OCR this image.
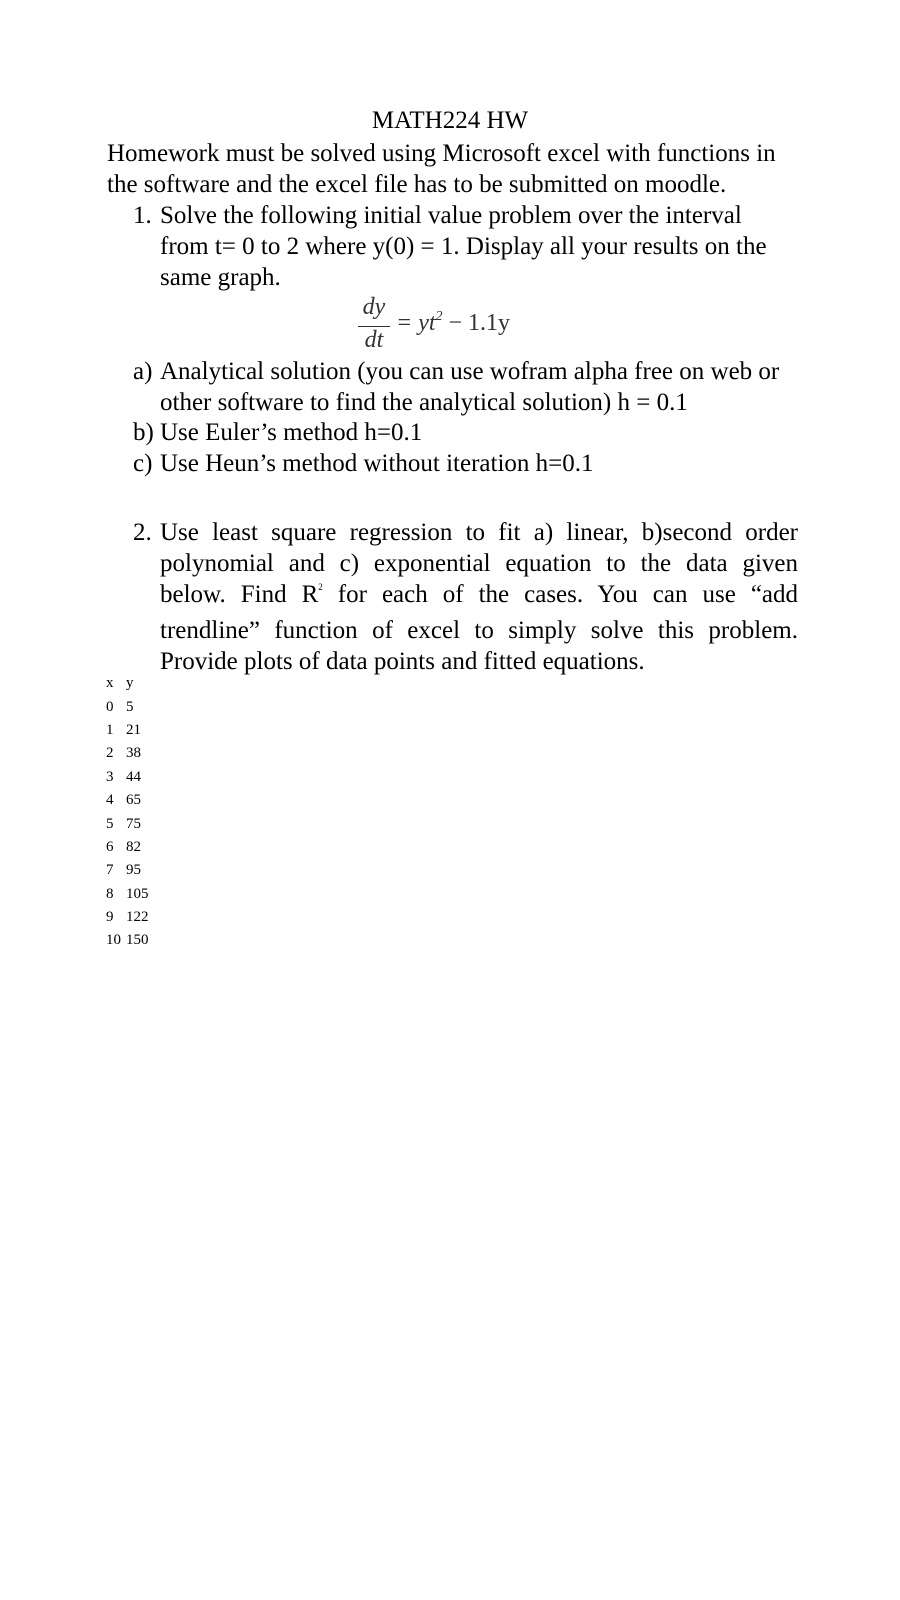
MATH224 HW
Homework must be solved using Microsoft excel with functions in the software and the excel file has to be submitted on moodle.
1. Solve the following initial value problem over the interval from t= 0 to 2 where y(0) = 1. Display all your results on the same graph.
dy
dt
= $yt^2 - 1.1y$
a) Analytical solution (you can use wofram alpha free on web or other software to find the analytical solution) h = 0.1
b) Use Euler’s method h=0.1
c) Use Heun’s method without iteration h=0.1
2. Use least square regression to fit a) linear, b)second order polynomial and c) exponential equation to the data given below. Find $R^2$ for each of the cases. You can use “add trendline” function of excel to simply solve this problem. Provide plots of data points and fitted equations.
x	y
0	5
1	21
2	38
3	44
4	65
5	75
6	82
7	95
8	105
9	122
10	150
